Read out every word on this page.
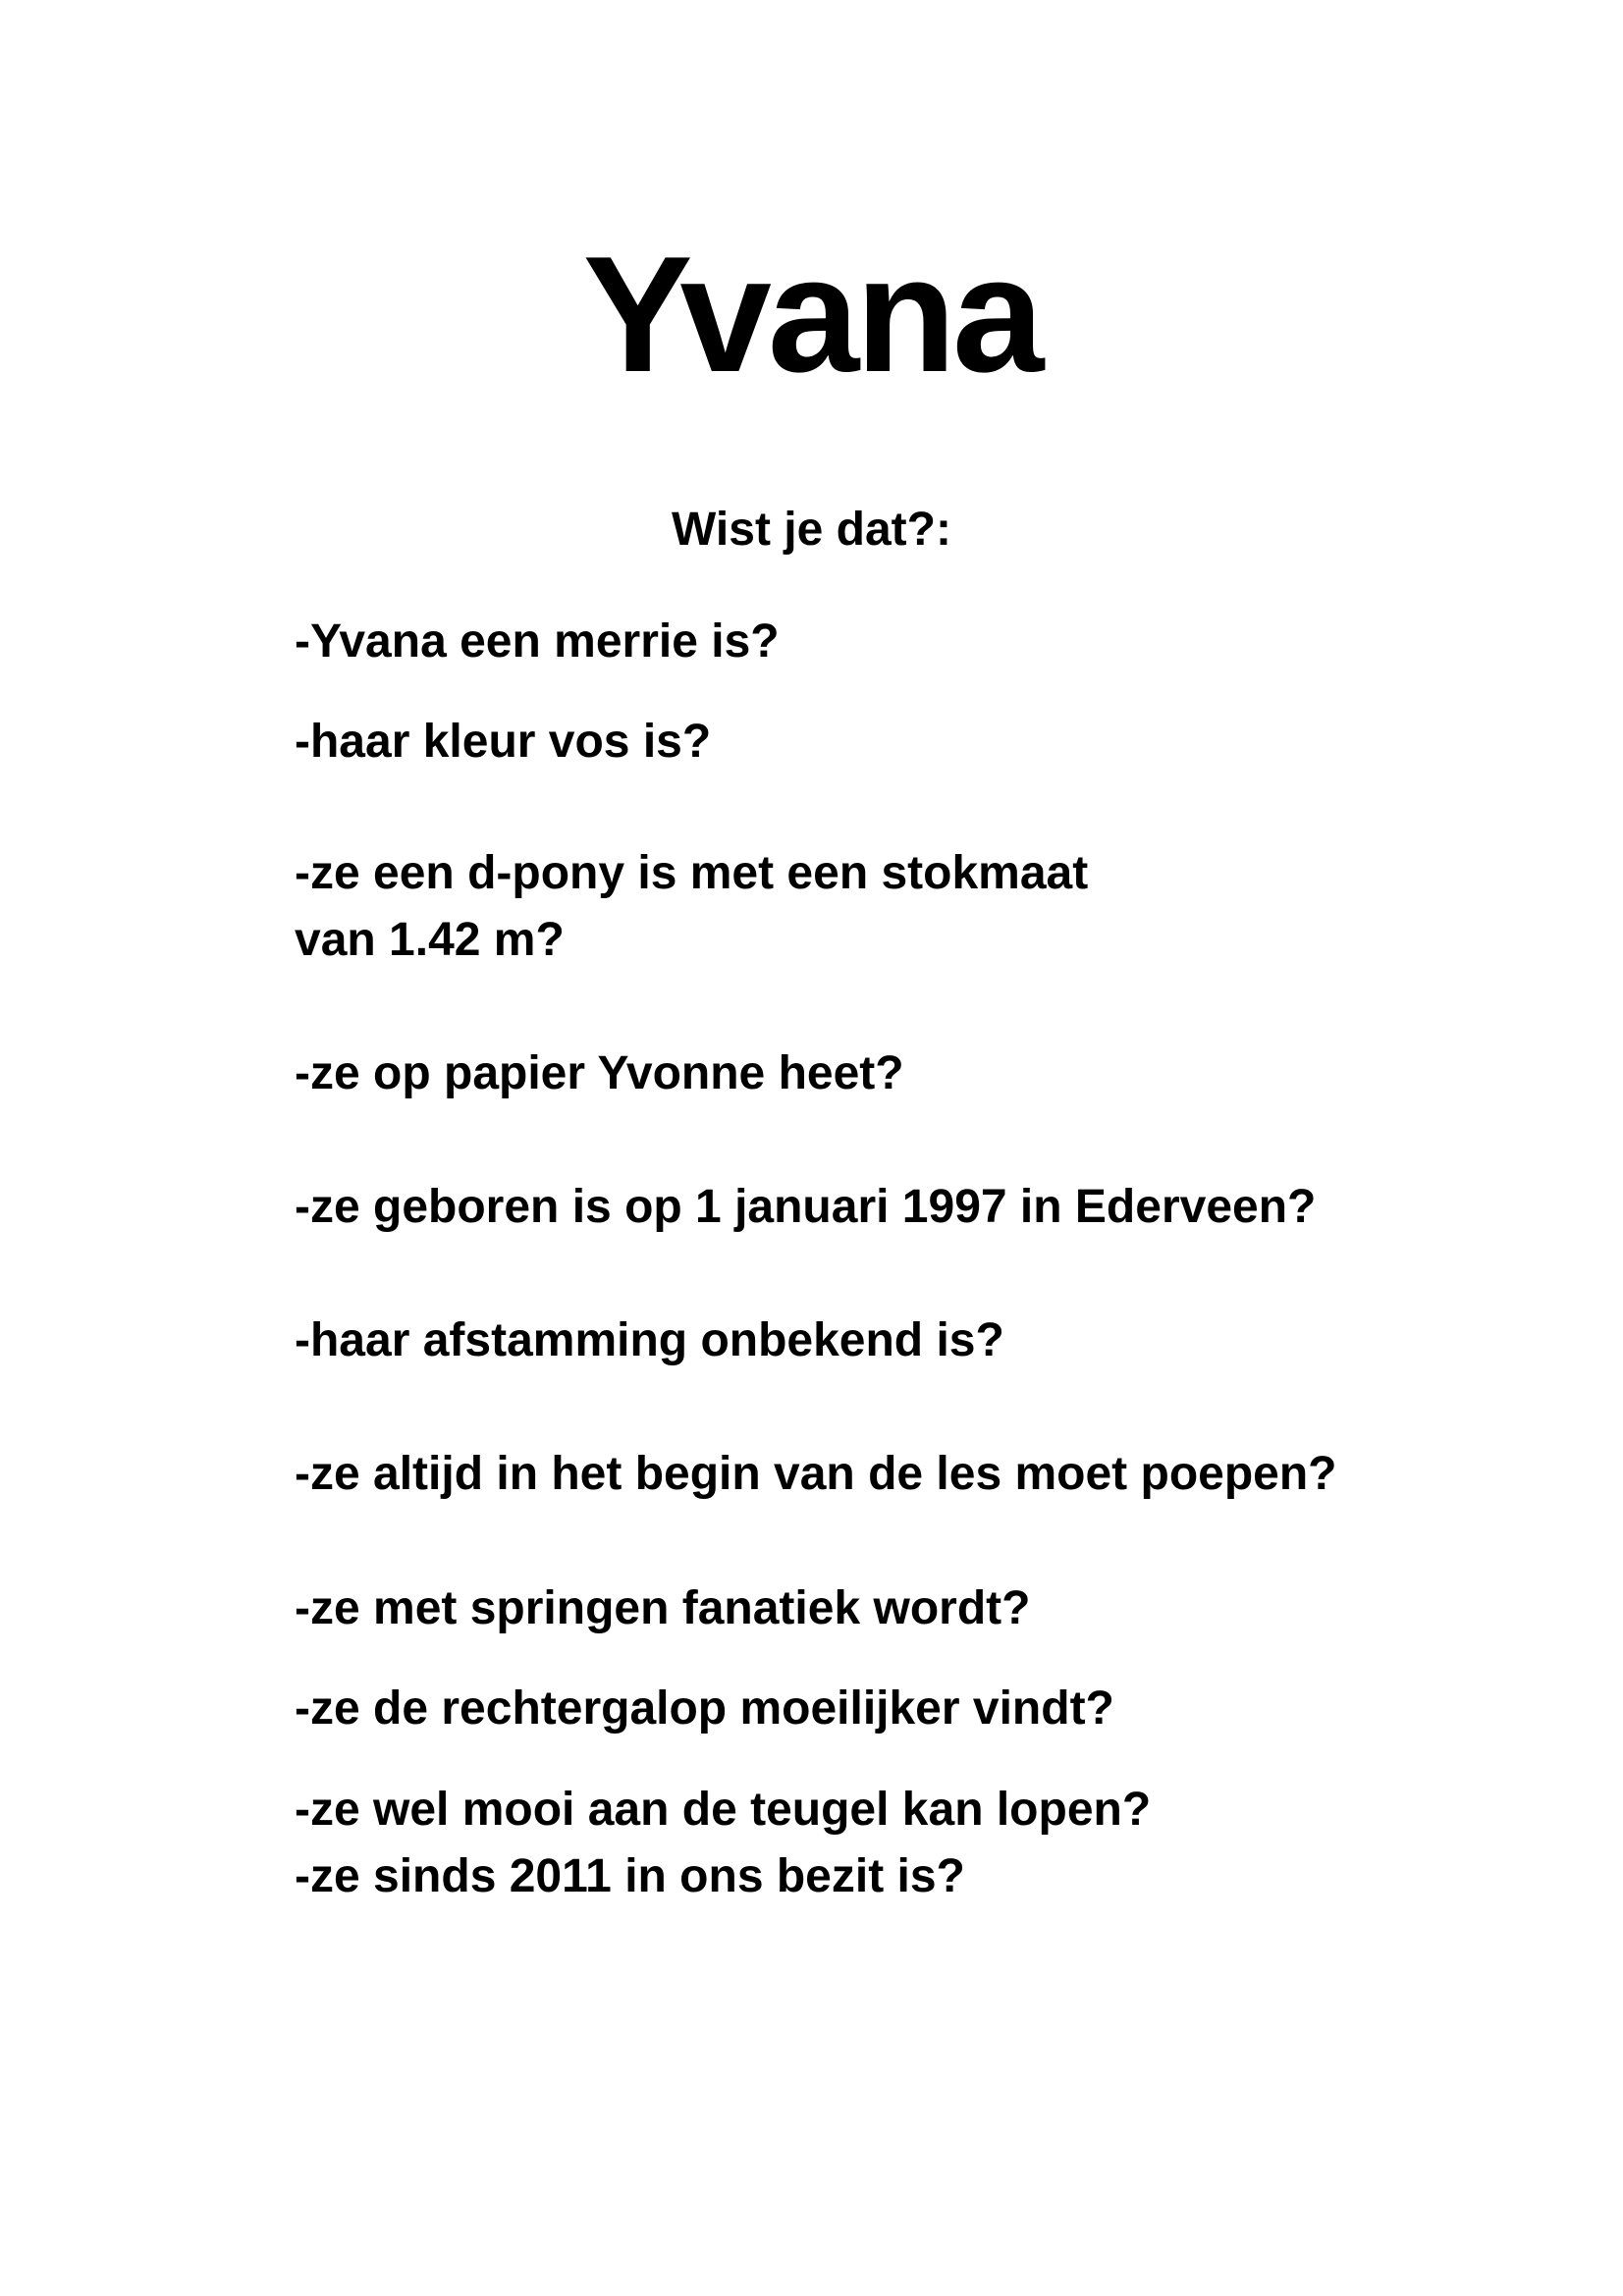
Yvana
Wist je dat?:
-Yvana een merrie is?
-haar kleur vos is?
-ze een d-pony is met een stokmaat
van 1.42 m?
-ze op papier Yvonne heet?
-ze geboren is op 1 januari 1997 in Ederveen?
-haar afstamming onbekend is?
-ze altijd in het begin van de les moet poepen?
-ze met springen fanatiek wordt?
-ze de rechtergalop moeilijker vindt?
-ze wel mooi aan de teugel kan lopen?
-ze sinds 2011 in ons bezit is?
